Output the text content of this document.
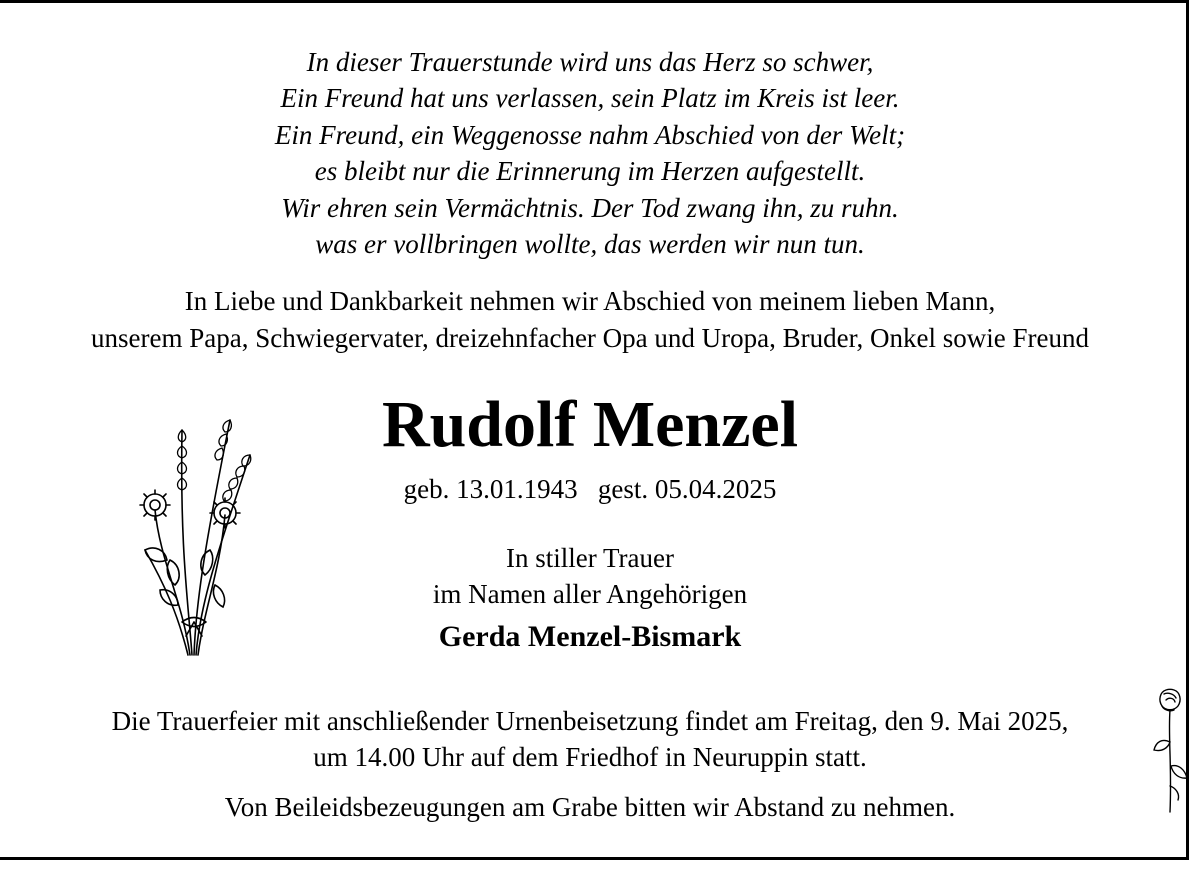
In dieser Trauerstunde wird uns das Herz so schwer,
Ein Freund hat uns verlassen, sein Platz im Kreis ist leer.
Ein Freund, ein Weggenosse nahm Abschied von der Welt;
es bleibt nur die Erinnerung im Herzen aufgestellt.
Wir ehren sein Vermächtnis. Der Tod zwang ihn, zu ruhn.
was er vollbringen wollte, das werden wir nun tun.
In Liebe und Dankbarkeit nehmen wir Abschied von meinem lieben Mann,
unserem Papa, Schwiegervater, dreizehnfacher Opa und Uropa, Bruder, Onkel sowie Freund
Rudolf Menzel
geb. 13.01.1943   gest. 05.04.2025
In stiller Trauer
im Namen aller Angehörigen
Gerda Menzel-Bismark
Die Trauerfeier mit anschließender Urnenbeisetzung findet am Freitag, den 9. Mai 2025,
um 14.00 Uhr auf dem Friedhof in Neuruppin statt.
Von Beileidsbezeugungen am Grabe bitten wir Abstand zu nehmen.
